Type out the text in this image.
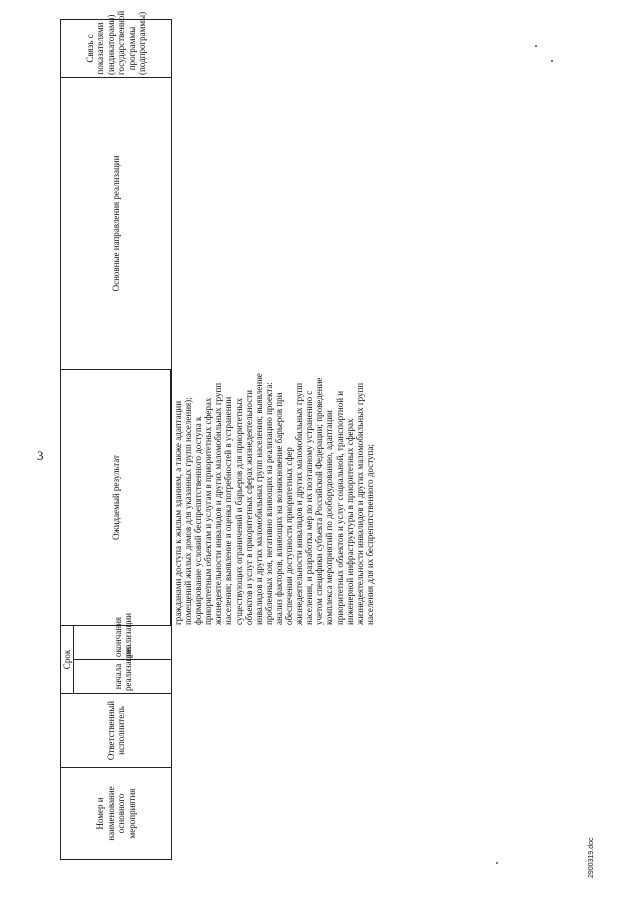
3
Номер и наименование основного мероприятия	Ответственный исполнитель	Срок		Ожидаемый результат	Основные направления реализации	Связь с показателями (индикаторами) государственной программы (подпрограммы)
		начала реализации	окончания реализации			
				гражданами доступа к жилым зданиям, а также адаптации помещений жилых домов для указанных групп населения); формирование условий беспрепятственного доступа к приоритетным объектам и услугам в приоритетных сферах жизнедеятельности инвалидов и других маломобильных групп населения; выявление и оценка потребностей в устранении существующих ограничений и барьеров для приоритетных объектов и услуг в приоритетных сферах жизнедеятельности инвалидов и других маломобильных групп населения; выявление проблемных зон, негативно влияющих на реализацию проекта: анализ факторов, влияющих на возникновение барьеров при обеспечении доступности приоритетных сфер жизнедеятельности инвалидов и других маломобильных групп населения, и разработка мер по их поэтапному устранению с учетом специфики субъекта Российской Федерации; проведение комплекса мероприятий по дооборудованию, адаптации приоритетных объектов и услуг социальной, транспортной и инженерной инфраструктуры в приоритетных сферах жизнедеятельности инвалидов и других маломобильных групп населения для их беспрепятственного доступа;		
2900319.doc
